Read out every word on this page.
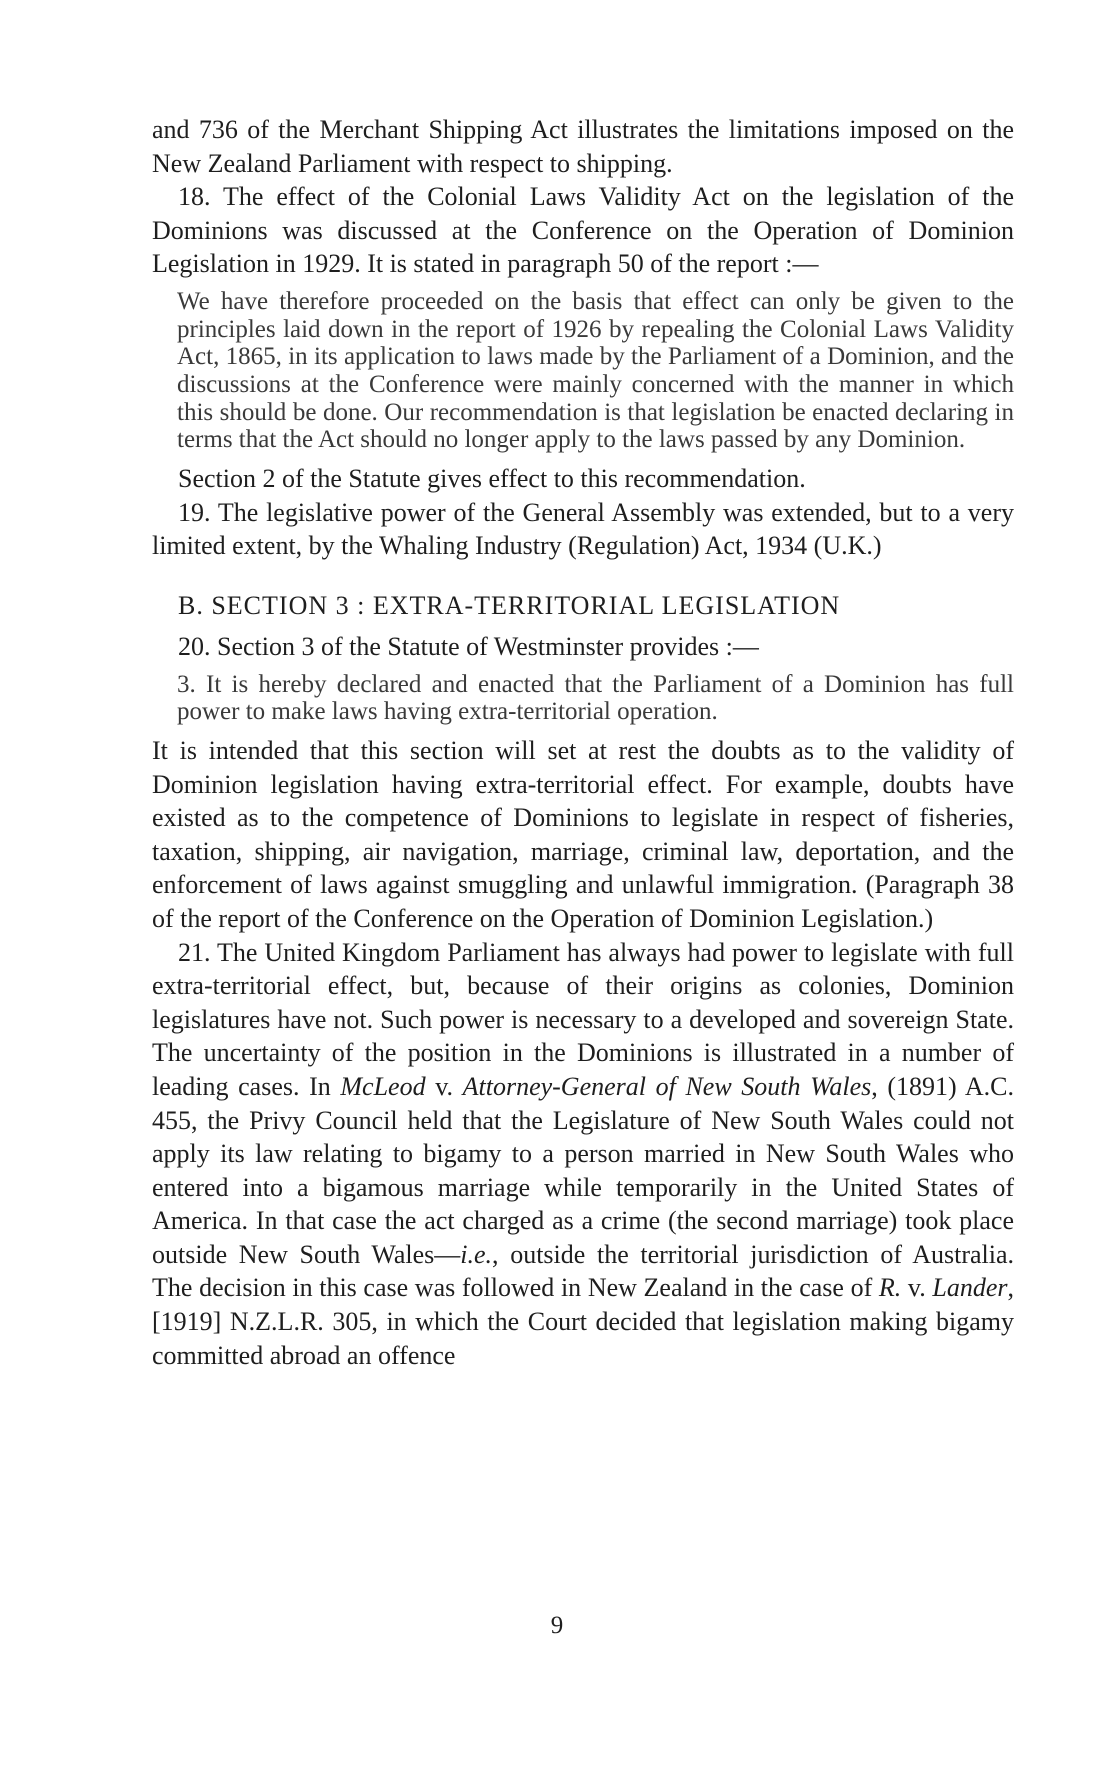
and 736 of the Merchant Shipping Act illustrates the limitations imposed on the New Zealand Parliament with respect to shipping.

18. The effect of the Colonial Laws Validity Act on the legislation of the Dominions was discussed at the Conference on the Operation of Dominion Legislation in 1929. It is stated in paragraph 50 of the report :—

We have therefore proceeded on the basis that effect can only be given to the principles laid down in the report of 1926 by repealing the Colonial Laws Validity Act, 1865, in its application to laws made by the Parliament of a Dominion, and the discussions at the Conference were mainly concerned with the manner in which this should be done. Our recommendation is that legislation be enacted declaring in terms that the Act should no longer apply to the laws passed by any Dominion.

Section 2 of the Statute gives effect to this recommendation.

19. The legislative power of the General Assembly was extended, but to a very limited extent, by the Whaling Industry (Regulation) Act, 1934 (U.K.)

B. SECTION 3 : EXTRA-TERRITORIAL LEGISLATION

20. Section 3 of the Statute of Westminster provides :—

3. It is hereby declared and enacted that the Parliament of a Dominion has full power to make laws having extra-territorial operation.

It is intended that this section will set at rest the doubts as to the validity of Dominion legislation having extra-territorial effect. For example, doubts have existed as to the competence of Dominions to legislate in respect of fisheries, taxation, shipping, air navigation, marriage, criminal law, deportation, and the enforcement of laws against smuggling and unlawful immigration. (Paragraph 38 of the report of the Conference on the Operation of Dominion Legislation.)

21. The United Kingdom Parliament has always had power to legislate with full extra-territorial effect, but, because of their origins as colonies, Dominion legislatures have not. Such power is necessary to a developed and sovereign State. The uncertainty of the position in the Dominions is illustrated in a number of leading cases. In McLeod v. Attorney-General of New South Wales, (1891) A.C. 455, the Privy Council held that the Legislature of New South Wales could not apply its law relating to bigamy to a person married in New South Wales who entered into a bigamous marriage while temporarily in the United States of America. In that case the act charged as a crime (the second marriage) took place outside New South Wales—i.e., outside the territorial jurisdiction of Australia. The decision in this case was followed in New Zealand in the case of R. v. Lander, [1919] N.Z.L.R. 305, in which the Court decided that legislation making bigamy committed abroad an offence

9
